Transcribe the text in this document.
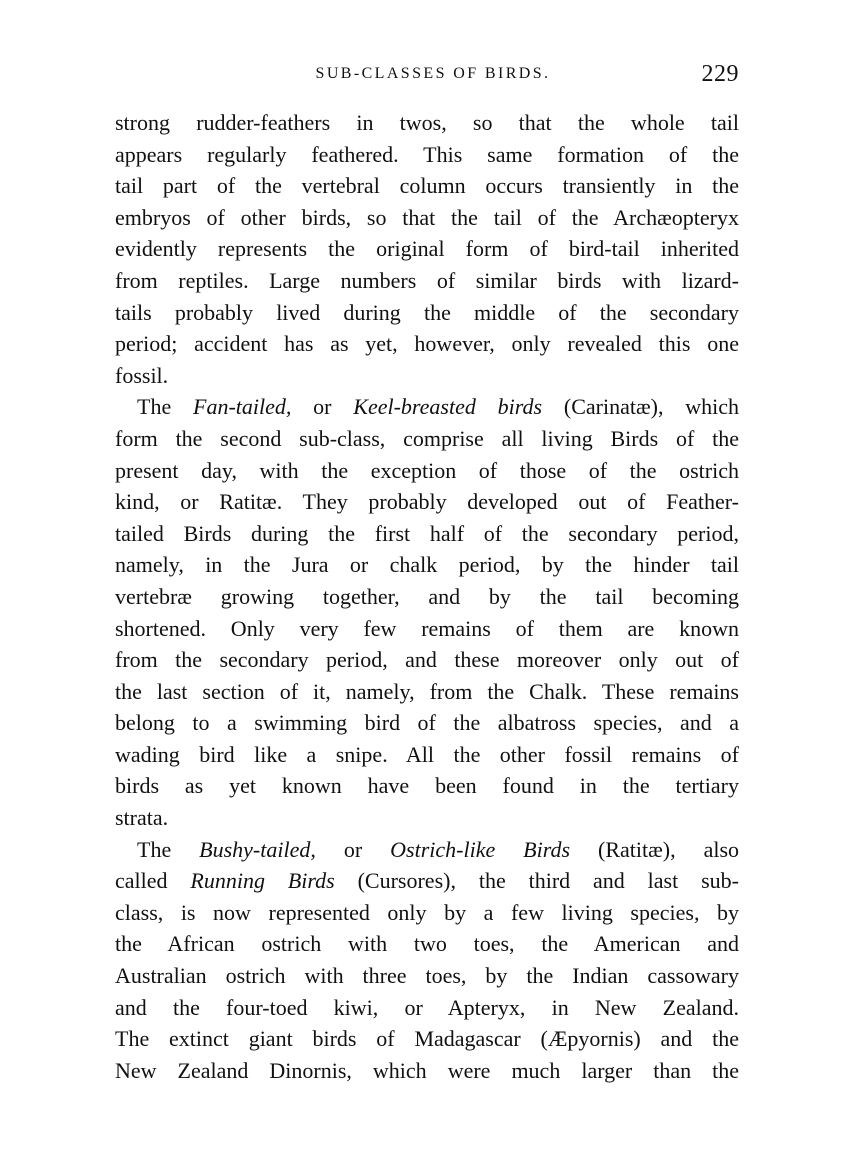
SUB-CLASSES OF BIRDS.	229
strong rudder-feathers in twos, so that the whole tail
appears regularly feathered. This same formation of the
tail part of the vertebral column occurs transiently in the
embryos of other birds, so that the tail of the Archæopteryx
evidently represents the original form of bird-tail inherited
from reptiles. Large numbers of similar birds with lizard-
tails probably lived during the middle of the secondary
period; accident has as yet, however, only revealed this one
fossil.
The Fan-tailed, or Keel-breasted birds (Carinatæ), which
form the second sub-class, comprise all living Birds of the
present day, with the exception of those of the ostrich
kind, or Ratitæ. They probably developed out of Feather-
tailed Birds during the first half of the secondary period,
namely, in the Jura or chalk period, by the hinder tail
vertebræ growing together, and by the tail becoming
shortened. Only very few remains of them are known
from the secondary period, and these moreover only out of
the last section of it, namely, from the Chalk. These remains
belong to a swimming bird of the albatross species, and a
wading bird like a snipe. All the other fossil remains of
birds as yet known have been found in the tertiary
strata.
The Bushy-tailed, or Ostrich-like Birds (Ratitæ), also
called Running Birds (Cursores), the third and last sub-
class, is now represented only by a few living species, by
the African ostrich with two toes, the American and
Australian ostrich with three toes, by the Indian cassowary
and the four-toed kiwi, or Apteryx, in New Zealand.
The extinct giant birds of Madagascar (Æpyornis) and the
New Zealand Dinornis, which were much larger than the
